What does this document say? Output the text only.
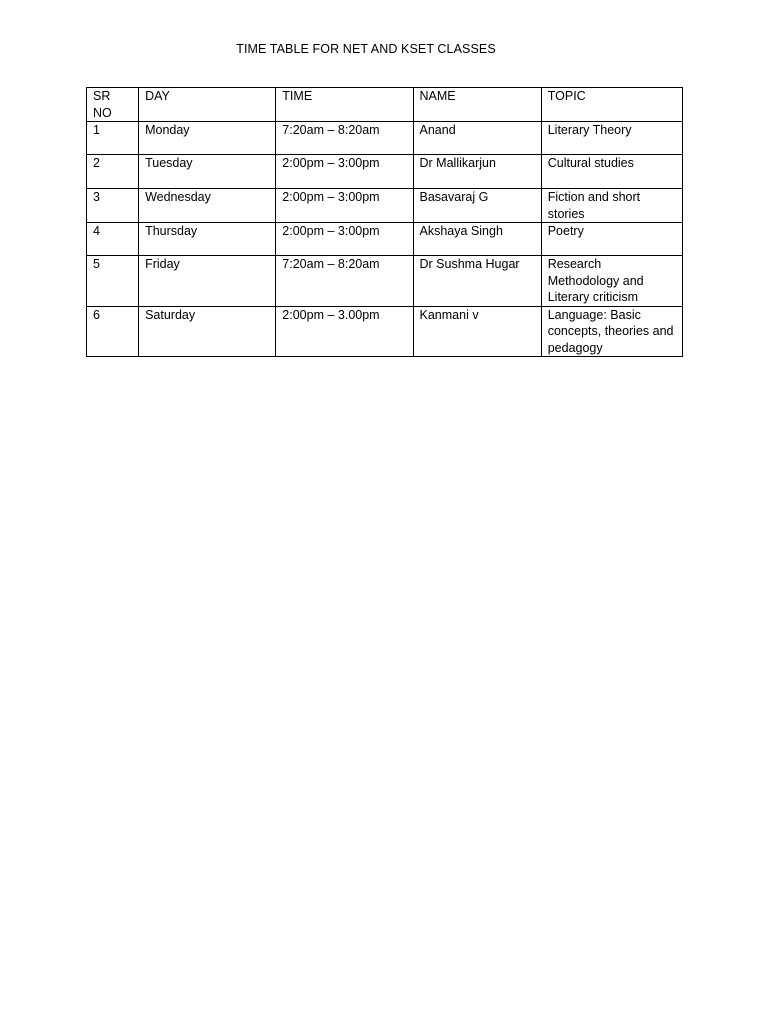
TIME TABLE FOR NET AND KSET CLASSES
SR NO	DAY	TIME	NAME	TOPIC
1	Monday	7:20am – 8:20am	Anand	Literary Theory
2	Tuesday	2:00pm – 3:00pm	Dr Mallikarjun	Cultural studies
3	Wednesday	2:00pm – 3:00pm	Basavaraj G	Fiction and short stories
4	Thursday	2:00pm – 3:00pm	Akshaya Singh	Poetry
5	Friday	7:20am – 8:20am	Dr Sushma Hugar	Research Methodology and Literary criticism
6	Saturday	2:00pm – 3.00pm	Kanmani v	Language: Basic concepts, theories and pedagogy
